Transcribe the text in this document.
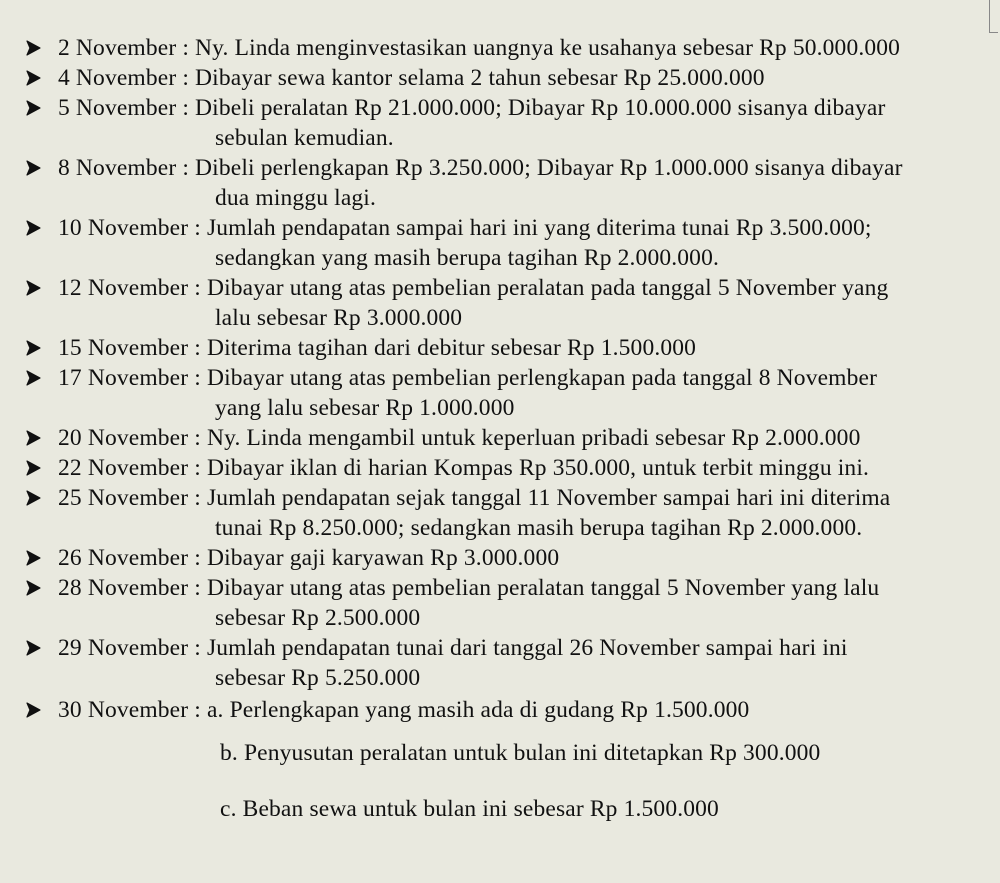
2 November : Ny. Linda menginvestasikan uangnya ke usahanya sebesar Rp 50.000.000
4 November : Dibayar sewa kantor selama 2 tahun sebesar Rp 25.000.000
5 November : Dibeli peralatan Rp 21.000.000; Dibayar Rp 10.000.000 sisanya dibayar
sebulan kemudian.
8 November : Dibeli perlengkapan Rp 3.250.000; Dibayar Rp 1.000.000 sisanya dibayar
dua minggu lagi.
10 November : Jumlah pendapatan sampai hari ini yang diterima tunai Rp 3.500.000;
sedangkan yang masih berupa tagihan Rp 2.000.000.
12 November : Dibayar utang atas pembelian peralatan pada tanggal 5 November yang
lalu sebesar Rp 3.000.000
15 November : Diterima tagihan dari debitur sebesar Rp 1.500.000
17 November : Dibayar utang atas pembelian perlengkapan pada tanggal 8 November
yang lalu sebesar Rp 1.000.000
20 November : Ny. Linda mengambil untuk keperluan pribadi sebesar Rp 2.000.000
22 November : Dibayar iklan di harian Kompas Rp 350.000, untuk terbit minggu ini.
25 November : Jumlah pendapatan sejak tanggal 11 November sampai hari ini diterima
tunai Rp 8.250.000; sedangkan masih berupa tagihan Rp 2.000.000.
26 November : Dibayar gaji karyawan Rp 3.000.000
28 November : Dibayar utang atas pembelian peralatan tanggal 5 November yang lalu
sebesar Rp 2.500.000
29 November : Jumlah pendapatan tunai dari tanggal 26 November sampai hari ini
sebesar Rp 5.250.000
30 November : a. Perlengkapan yang masih ada di gudang Rp 1.500.000
b. Penyusutan peralatan untuk bulan ini ditetapkan Rp 300.000
c. Beban sewa untuk bulan ini sebesar Rp 1.500.000
